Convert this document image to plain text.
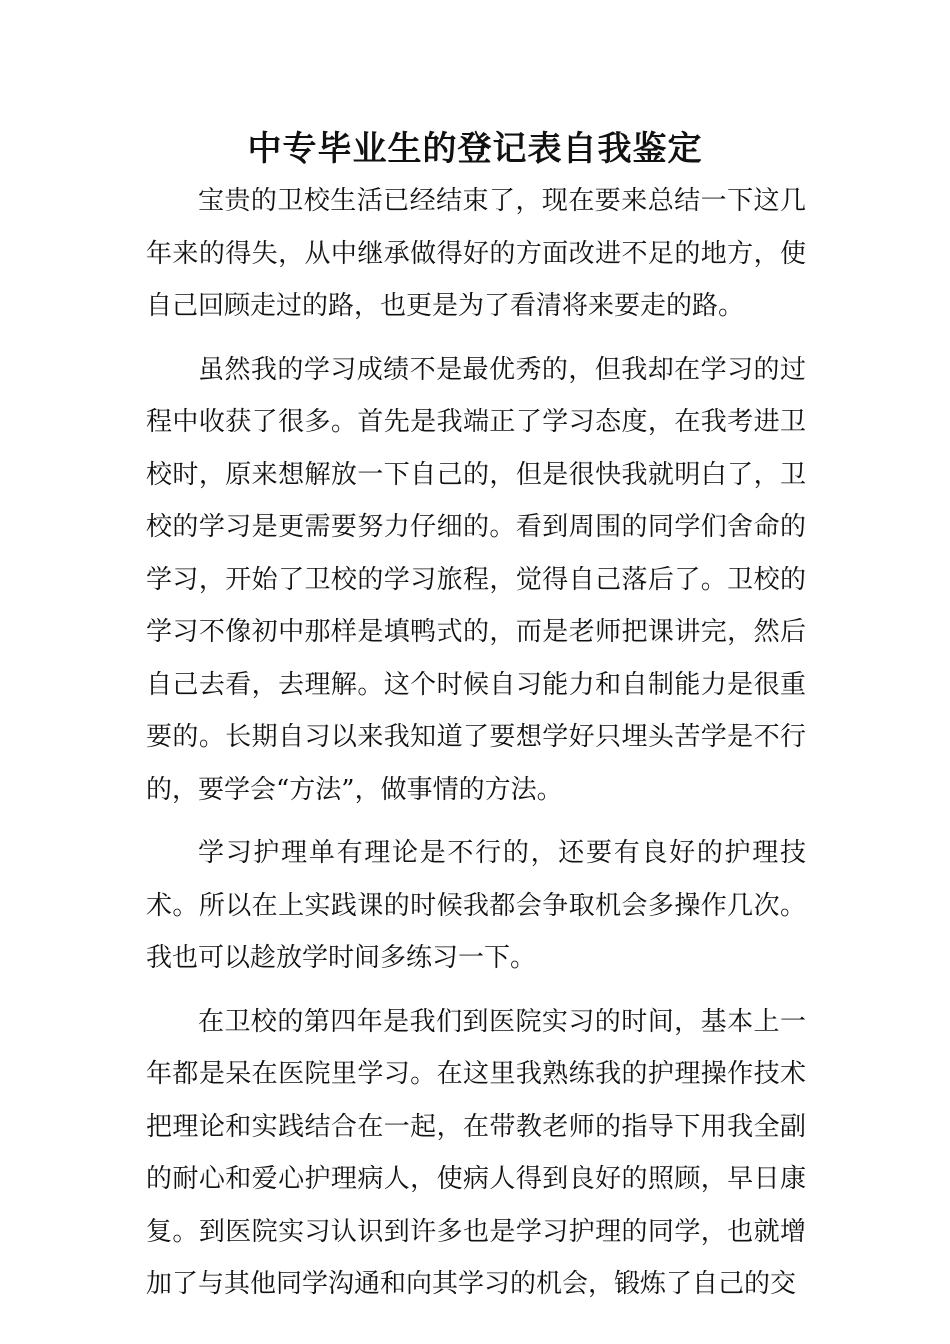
中专毕业生的登记表自我鉴定

宝贵的卫校生活已经结束了，现在要来总结一下这几年来的得失，从中继承做得好的方面改进不足的地方，使自己回顾走过的路，也更是为了看清将来要走的路。

虽然我的学习成绩不是最优秀的，但我却在学习的过程中收获了很多。首先是我端正了学习态度，在我考进卫校时，原来想解放一下自己的，但是很快我就明白了，卫校的学习是更需要努力仔细的。看到周围的同学们舍命的学习，开始了卫校的学习旅程，觉得自己落后了。卫校的学习不像初中那样是填鸭式的，而是老师把课讲完，然后自己去看，去理解。这个时候自习能力和自制能力是很重要的。长期自习以来我知道了要想学好只埋头苦学是不行的，要学会“方法”，做事情的方法。

学习护理单有理论是不行的，还要有良好的护理技术。所以在上实践课的时候我都会争取机会多操作几次。我也可以趁放学时间多练习一下。

在卫校的第四年是我们到医院实习的时间，基本上一年都是呆在医院里学习。在这里我熟练我的护理操作技术把理论和实践结合在一起，在带教老师的指导下用我全副的耐心和爱心护理病人，使病人得到良好的照顾，早日康复。到医院实习认识到许多也是学习护理的同学，也就增加了与其他同学沟通和向其学习的机会，锻炼了自己的交
